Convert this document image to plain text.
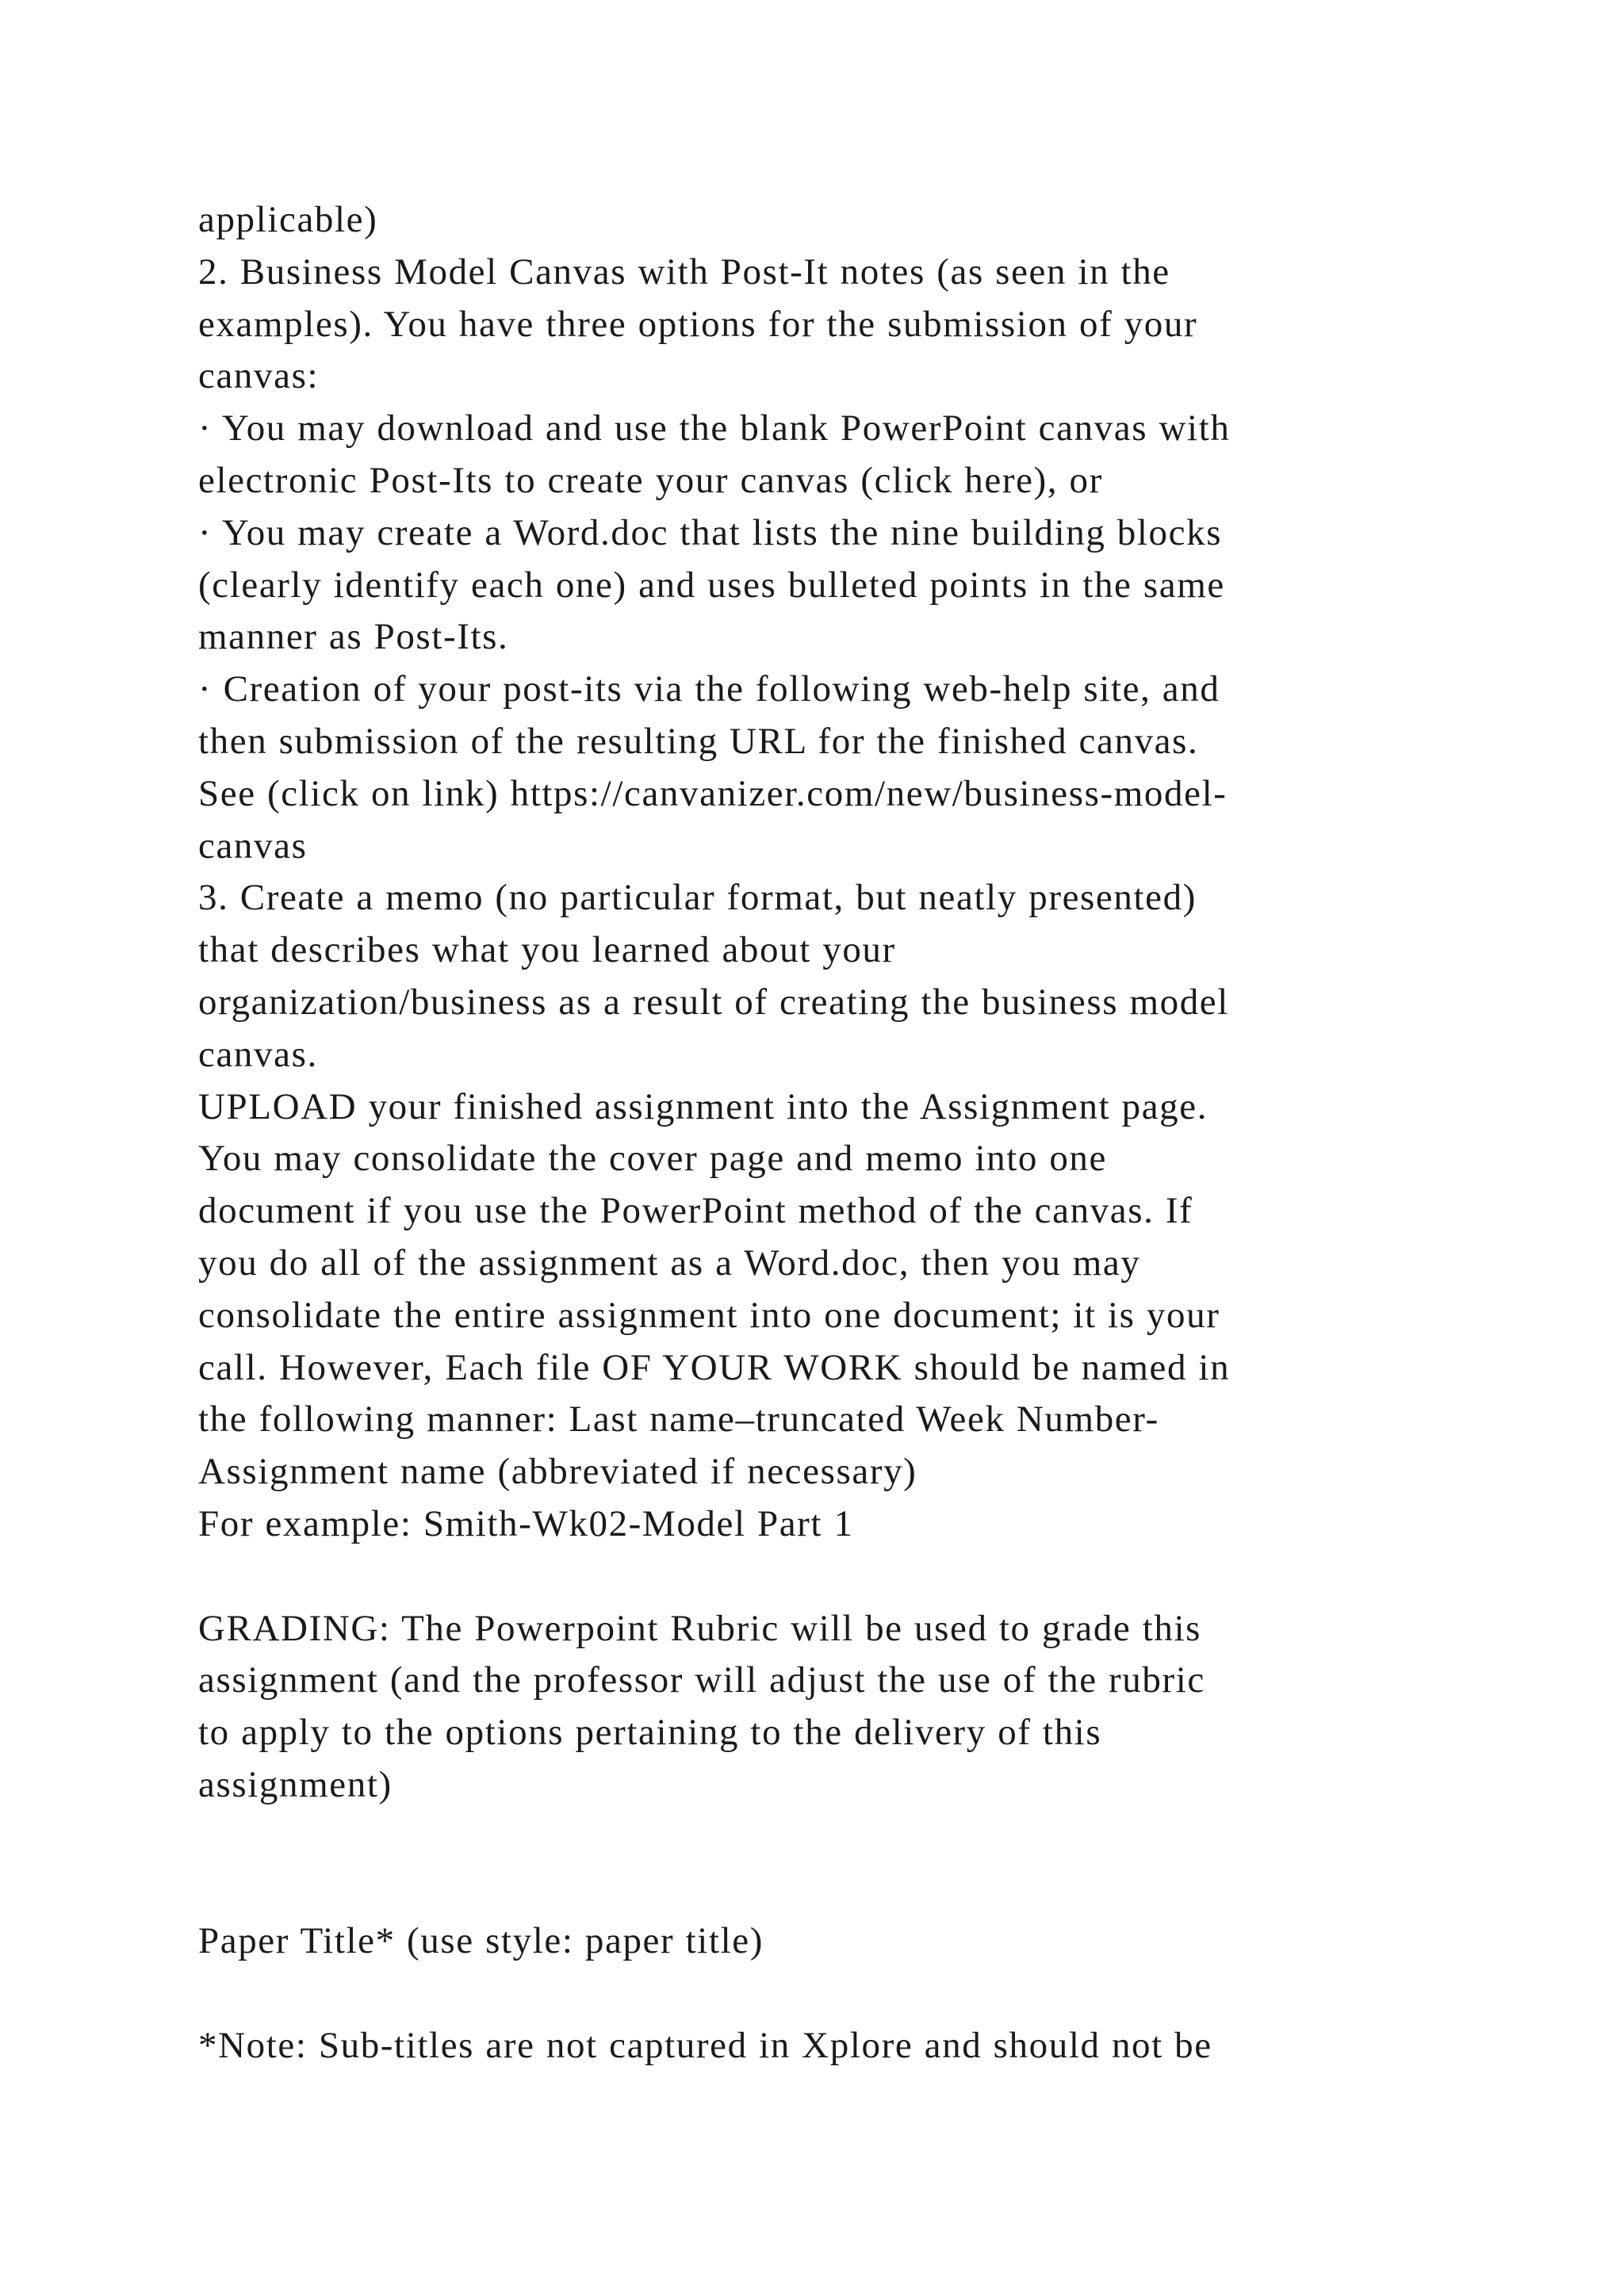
applicable)
2. Business Model Canvas with Post-It notes (as seen in the
examples). You have three options for the submission of your
canvas:
· You may download and use the blank PowerPoint canvas with
electronic Post-Its to create your canvas (click here), or
· You may create a Word.doc that lists the nine building blocks
(clearly identify each one) and uses bulleted points in the same
manner as Post-Its.
· Creation of your post-its via the following web-help site, and
then submission of the resulting URL for the finished canvas.
See (click on link) https://canvanizer.com/new/business-model-
canvas
3. Create a memo (no particular format, but neatly presented)
that describes what you learned about your
organization/business as a result of creating the business model
canvas.
UPLOAD your finished assignment into the Assignment page.
You may consolidate the cover page and memo into one
document if you use the PowerPoint method of the canvas. If
you do all of the assignment as a Word.doc, then you may
consolidate the entire assignment into one document; it is your
call. However, Each file OF YOUR WORK should be named in
the following manner: Last name–truncated Week Number-
Assignment name (abbreviated if necessary)
For example: Smith-Wk02-Model Part 1
GRADING: The Powerpoint Rubric will be used to grade this
assignment (and the professor will adjust the use of the rubric
to apply to the options pertaining to the delivery of this
assignment)
Paper Title* (use style: paper title)
*Note: Sub-titles are not captured in Xplore and should not be
